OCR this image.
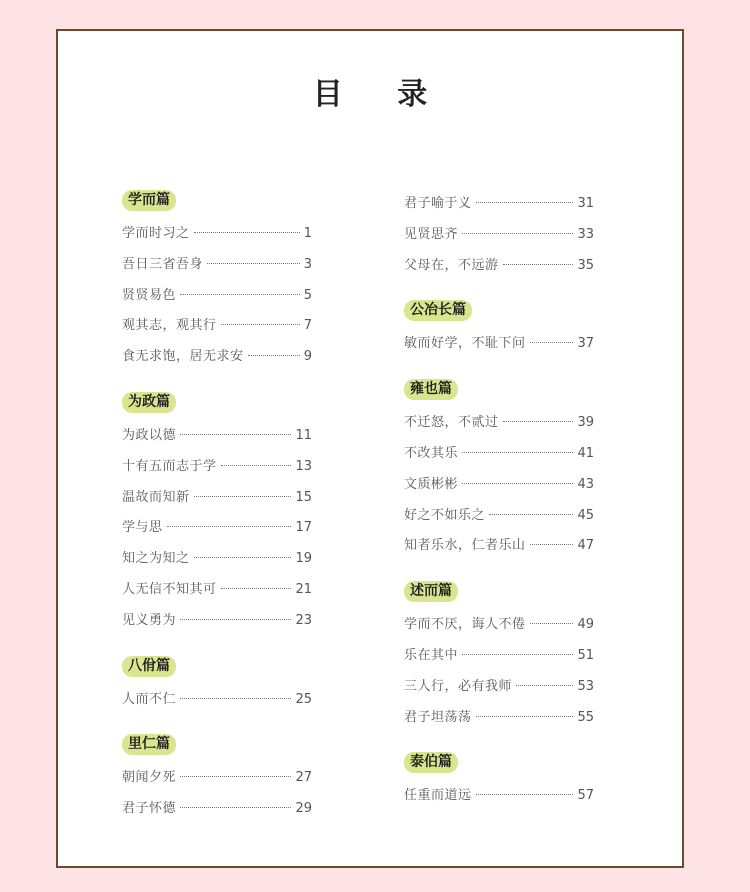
目 录
学而篇
学而时习之	1
吾日三省吾身	3
贤贤易色	5
观其志，观其行	7
食无求饱，居无求安	9
为政篇
为政以德	11
十有五而志于学	13
温故而知新	15
学与思	17
知之为知之	19
人无信不知其可	21
见义勇为	23
八佾篇
人而不仁	25
里仁篇
朝闻夕死	27
君子怀德	29
君子喻于义	31
见贤思齐	33
父母在，不远游	35
公冶长篇
敏而好学，不耻下问	37
雍也篇
不迁怒，不贰过	39
不改其乐	41
文质彬彬	43
好之不如乐之	45
知者乐水，仁者乐山	47
述而篇
学而不厌，诲人不倦	49
乐在其中	51
三人行，必有我师	53
君子坦荡荡	55
泰伯篇
任重而道远	57
